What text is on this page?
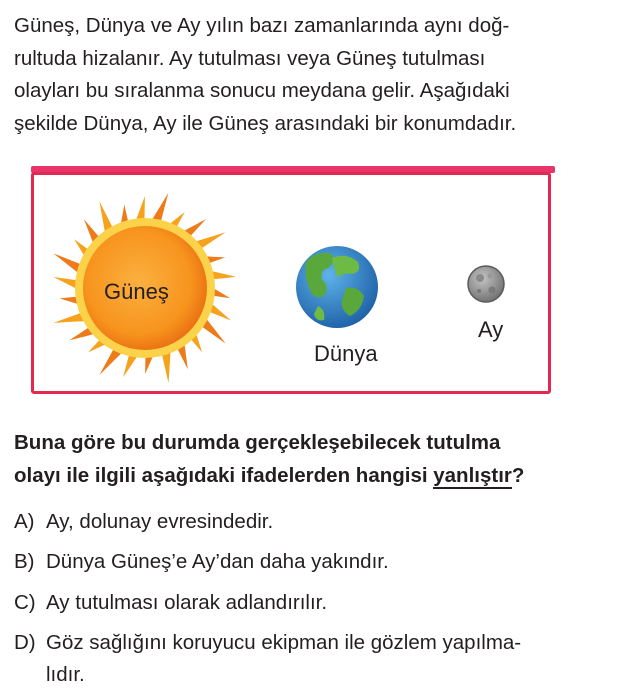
Güneş, Dünya ve Ay yılın bazı zamanlarında aynı doğ-
rultuda hizalanır. Ay tutulması veya Güneş tutulması
olayları bu sıralanma sonucu meydana gelir. Aşağıdaki
şekilde Dünya, Ay ile Güneş arasındaki bir konumdadır.
Güneş
Dünya
Ay
Buna göre bu durumda gerçekleşebilecek tutulma
olayı ile ilgili aşağıdaki ifadelerden hangisi yanlıştır?
A) Ay, dolunay evresindedir.
B) Dünya Güneş’e Ay’dan daha yakındır.
C) Ay tutulması olarak adlandırılır.
D) Göz sağlığını koruyucu ekipman ile gözlem yapılma-
lıdır.
